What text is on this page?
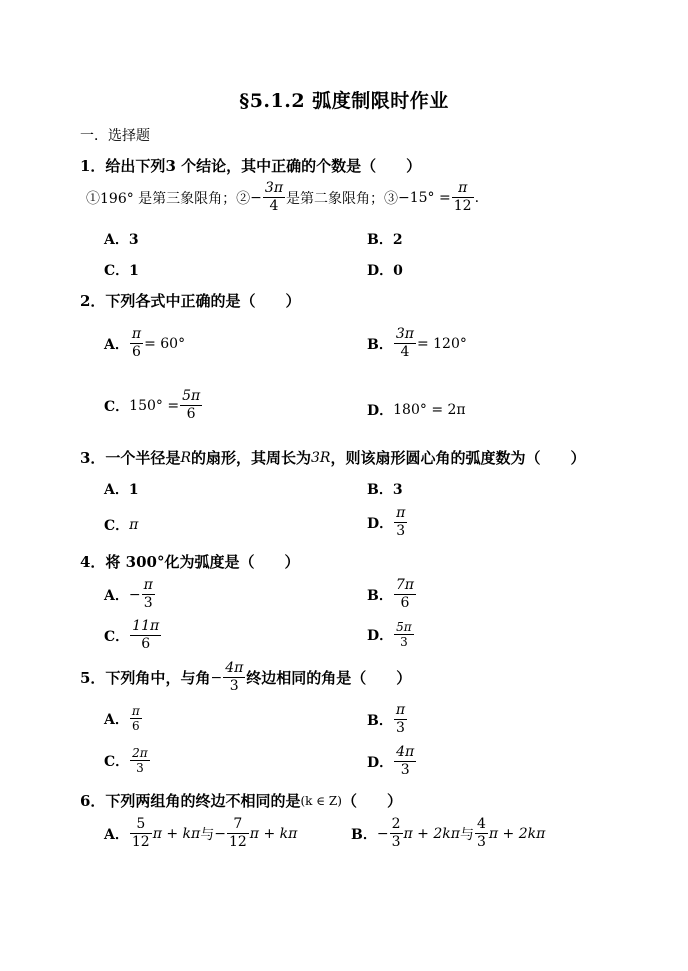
§5.1.2 弧度制限时作业
一．选择题
1．给出下列3 个结论，其中正确的个数是（　　）
①196° 是第三象限角；② − $\frac{3\pi}{4}$ 是第二象限角；③ $-15^\circ = \frac{\pi}{12}$ .
A．3	B．2
C．1	D．0
2．下列各式中正确的是（　　）
A． $\frac{\pi}{6} = 60^\circ$	B． $\frac{3\pi}{4} = 120^\circ$
C． $150^\circ = \frac{5\pi}{6}$	D． 180° = 2π
3．一个半径是 R 的扇形，其周长为 3R ，则该扇形圆心角的弧度数为（　　）
A．1	B．3
C． π	D． $\frac{\pi}{3}$
4．将 300°化为弧度是（　　）
A． − $\frac{\pi}{3}$	B． $\frac{7\pi}{6}$
C． $\frac{11\pi}{6}$	D． $\frac{5\pi}{3}$
5．下列角中，与角 − $\frac{4\pi}{3}$ 终边相同的角是（　　）
A． $\frac{\pi}{6}$	B． $\frac{\pi}{3}$
C． $\frac{2\pi}{3}$	D． $\frac{4\pi}{3}$
6．下列两组角的终边不相同的是 (k ∈ Z) （　　）
A． $\frac{5}{12}$ π + kπ 与 − $\frac{7}{12}$ π + kπ	B． − $\frac{2}{3}$ π + 2kπ 与 $\frac{4}{3}$ π + 2kπ
